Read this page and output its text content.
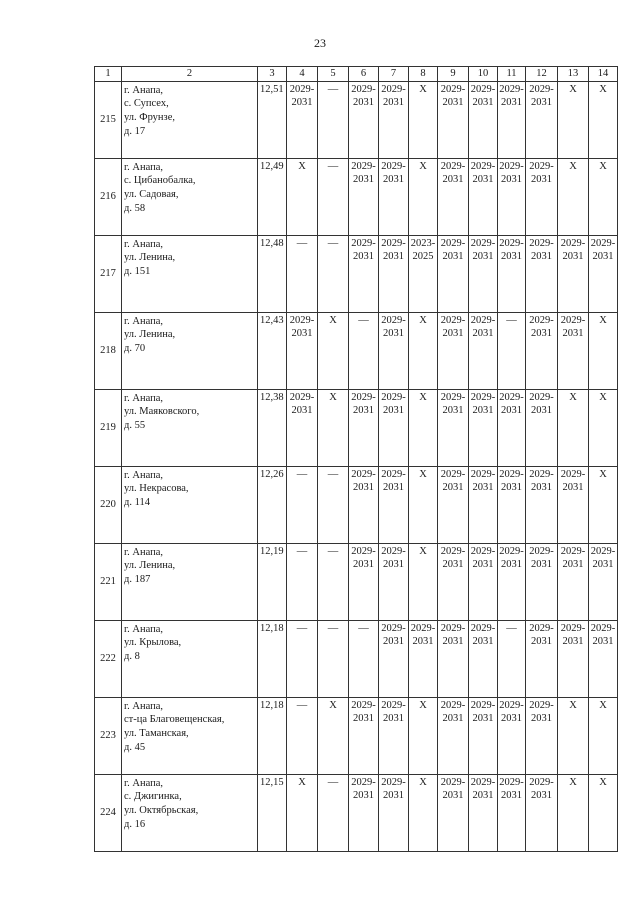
23
1	2	3	4	5	6	7	8	9	10	11	12	13	14
215	г. Анапа,
с. Супсех,
ул. Фрунзе,
д. 17	12,51	2029-
2031	—	2029-
2031	2029-
2031	X	2029-
2031	2029-
2031	2029-
2031	2029-
2031	X	X
216	г. Анапа,
с. Цибанобалка,
ул. Садовая,
д. 58	12,49	X	—	2029-
2031	2029-
2031	X	2029-
2031	2029-
2031	2029-
2031	2029-
2031	X	X
217	г. Анапа,
ул. Ленина,
д. 151	12,48	—	—	2029-
2031	2029-
2031	2023-
2025	2029-
2031	2029-
2031	2029-
2031	2029-
2031	2029-
2031	2029-
2031
218	г. Анапа,
ул. Ленина,
д. 70	12,43	2029-
2031	X	—	2029-
2031	X	2029-
2031	2029-
2031	—	2029-
2031	2029-
2031	X
219	г. Анапа,
ул. Маяковского,
д. 55	12,38	2029-
2031	X	2029-
2031	2029-
2031	X	2029-
2031	2029-
2031	2029-
2031	2029-
2031	X	X
220	г. Анапа,
ул. Некрасова,
д. 114	12,26	—	—	2029-
2031	2029-
2031	X	2029-
2031	2029-
2031	2029-
2031	2029-
2031	2029-
2031	X
221	г. Анапа,
ул. Ленина,
д. 187	12,19	—	—	2029-
2031	2029-
2031	X	2029-
2031	2029-
2031	2029-
2031	2029-
2031	2029-
2031	2029-
2031
222	г. Анапа,
ул. Крылова,
д. 8	12,18	—	—	—	2029-
2031	2029-
2031	2029-
2031	2029-
2031	—	2029-
2031	2029-
2031	2029-
2031
223	г. Анапа,
ст-ца Благовещенская,
ул. Таманская,
д. 45	12,18	—	X	2029-
2031	2029-
2031	X	2029-
2031	2029-
2031	2029-
2031	2029-
2031	X	X
224	г. Анапа,
с. Джигинка,
ул. Октябрьская,
д. 16	12,15	X	—	2029-
2031	2029-
2031	X	2029-
2031	2029-
2031	2029-
2031	2029-
2031	X	X
